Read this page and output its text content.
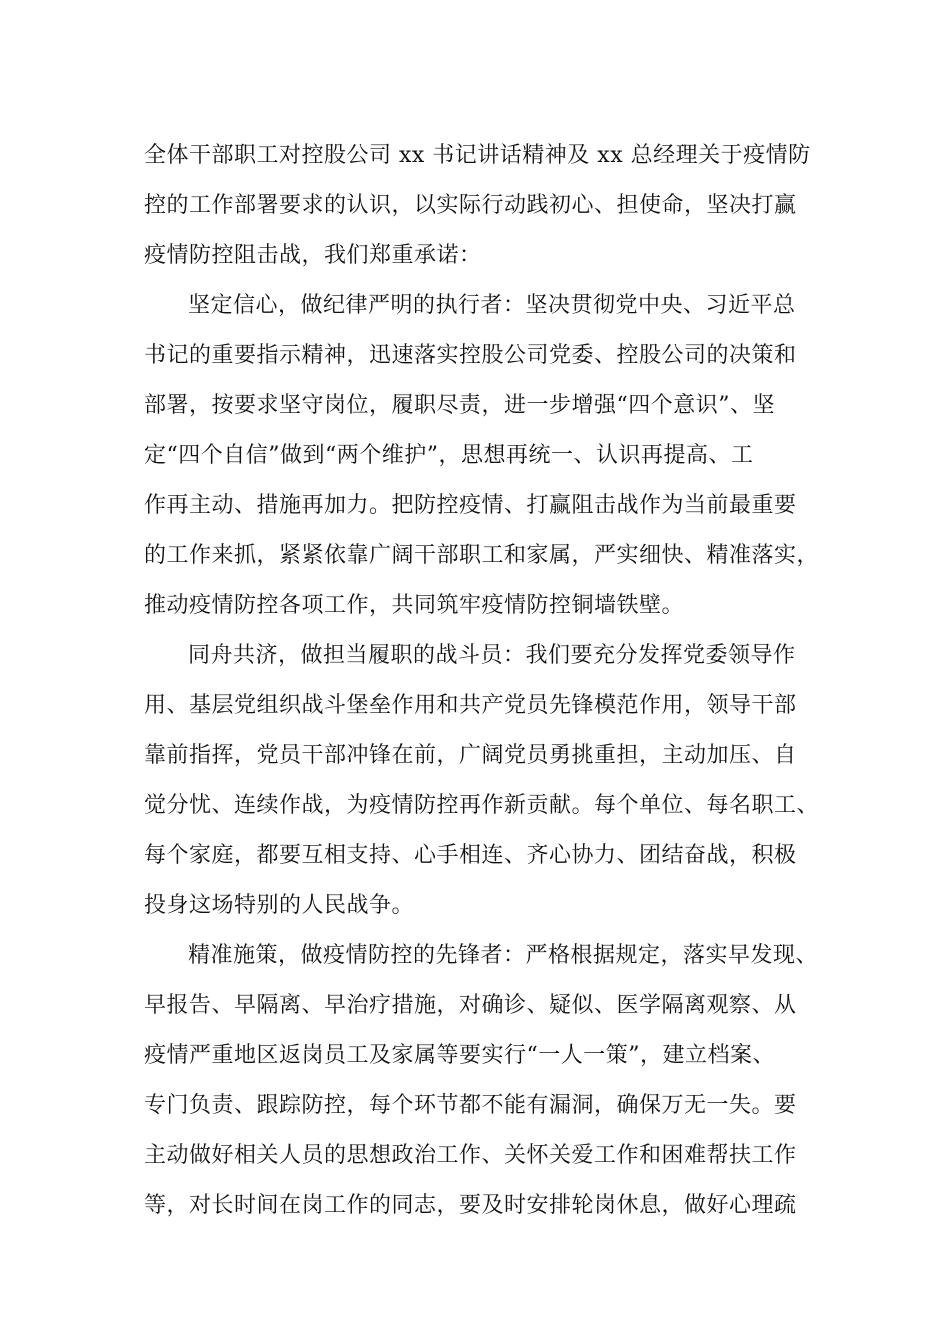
全体干部职工对控股公司 xx 书记讲话精神及 xx 总经理关于疫情防
控的工作部署要求的认识，以实际行动践初心、担使命，坚决打赢
疫情防控阻击战，我们郑重承诺：
坚定信心，做纪律严明的执行者：坚决贯彻党中央、习近平总
书记的重要指示精神，迅速落实控股公司党委、控股公司的决策和
部署，按要求坚守岗位，履职尽责，进一步增强“四个意识”、坚
定“四个自信”做到“两个维护”，思想再统一、认识再提高、工
作再主动、措施再加力。把防控疫情、打赢阻击战作为当前最重要
的工作来抓，紧紧依靠广阔干部职工和家属，严实细快、精准落实，
推动疫情防控各项工作，共同筑牢疫情防控铜墙铁壁。
同舟共济，做担当履职的战斗员：我们要充分发挥党委领导作
用、基层党组织战斗堡垒作用和共产党员先锋模范作用，领导干部
靠前指挥，党员干部冲锋在前，广阔党员勇挑重担，主动加压、自
觉分忧、连续作战，为疫情防控再作新贡献。每个单位、每名职工、
每个家庭，都要互相支持、心手相连、齐心协力、团结奋战，积极
投身这场特别的人民战争。
精准施策，做疫情防控的先锋者：严格根据规定，落实早发现、
早报告、早隔离、早治疗措施，对确诊、疑似、医学隔离观察、从
疫情严重地区返岗员工及家属等要实行“一人一策”，建立档案、
专门负责、跟踪防控，每个环节都不能有漏洞，确保万无一失。要
主动做好相关人员的思想政治工作、关怀关爱工作和困难帮扶工作
等，对长时间在岗工作的同志，要及时安排轮岗休息，做好心理疏
